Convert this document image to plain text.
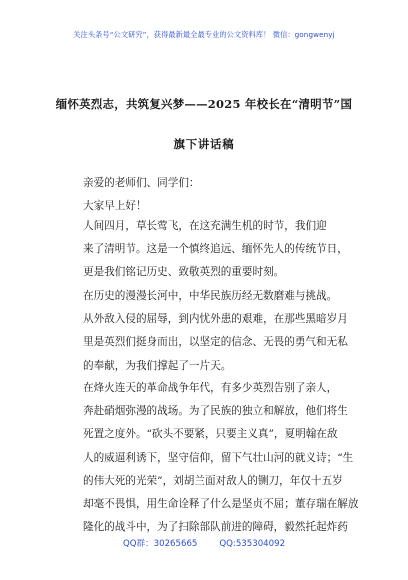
关注头条号“公文研究”，获得最新最全最专业的公文资料库！ 微信：gongwenyj
缅怀英烈志，共筑复兴梦——2025 年校长在“清明节”国
旗下讲话稿
亲爱的老师们、同学们：
大家早上好！
人间四月，草长莺飞，在这充满生机的时节，我们迎
来了清明节。这是一个慎终追远、缅怀先人的传统节日，
更是我们铭记历史、致敬英烈的重要时刻。
在历史的漫漫长河中，中华民族历经无数磨难与挑战。
从外敌入侵的屈辱，到内忧外患的艰难，在那些黑暗岁月
里是英烈们挺身而出，以坚定的信念、无畏的勇气和无私
的奉献，为我们撑起了一片天。
在烽火连天的革命战争年代，有多少英烈告别了亲人，
奔赴硝烟弥漫的战场。为了民族的独立和解放，他们将生
死置之度外。“砍头不要紧，只要主义真”，夏明翰在敌
人的威逼利诱下，坚守信仰，留下气壮山河的就义诗；“生
的伟大死的光荣”，刘胡兰面对敌人的铡刀，年仅十五岁
却毫不畏惧，用生命诠释了什么是坚贞不屈；董存瑞在解放
隆化的战斗中，为了扫除部队前进的障碍，毅然托起炸药
QQ群：30265665	QQ:535304092
